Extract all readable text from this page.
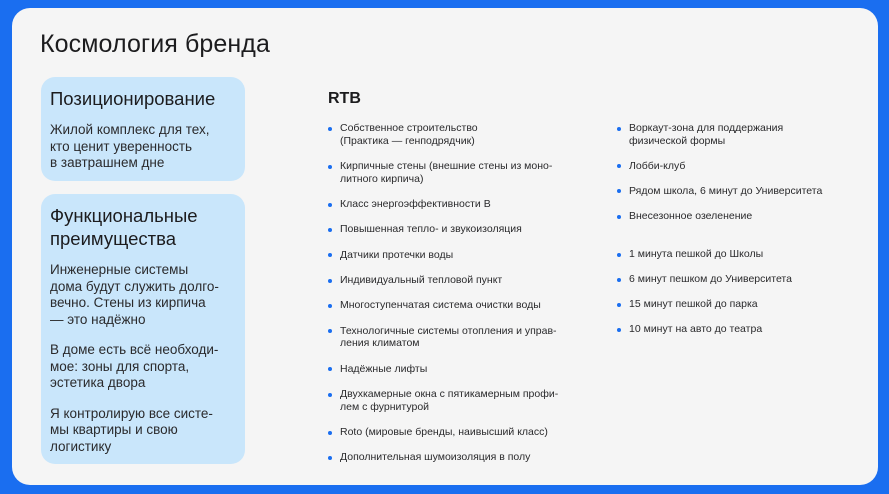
Космология бренда
Позиционирование
Жилой комплекс для тех,
кто ценит уверенность
в завтрашнем дне
Функциональные
преимущества
Инженерные системы
дома будут служить долго-
вечно. Стены из кирпича
— это надёжно
В доме есть всё необходи-
мое: зоны для спорта,
эстетика двора
Я контролирую все систе-
мы квартиры и свою
логистику
RTB
Собственное строительство
(Практика — генподрядчик)
Кирпичные стены (внешние стены из моно-
литного кирпича)
Класс энергоэффективности B
Повышенная тепло- и звукоизоляция
Датчики протечки воды
Индивидуальный тепловой пункт
Многоступенчатая система очистки воды
Технологичные системы отопления и управ-
ления климатом
Надёжные лифты
Двухкамерные окна с пятикамерным профи-
лем с фурнитурой
Roto (мировые бренды, наивысший класс)
Дополнительная шумоизоляция в полу
Воркаут-зона для поддержания
физической формы
Лобби-клуб
Рядом школа, 6 минут до Университета
Внесезонное озеленение
1 минута пешкой до Школы
6 минут пешком до Университета
15 минут пешкой до парка
10 минут на авто до театра
